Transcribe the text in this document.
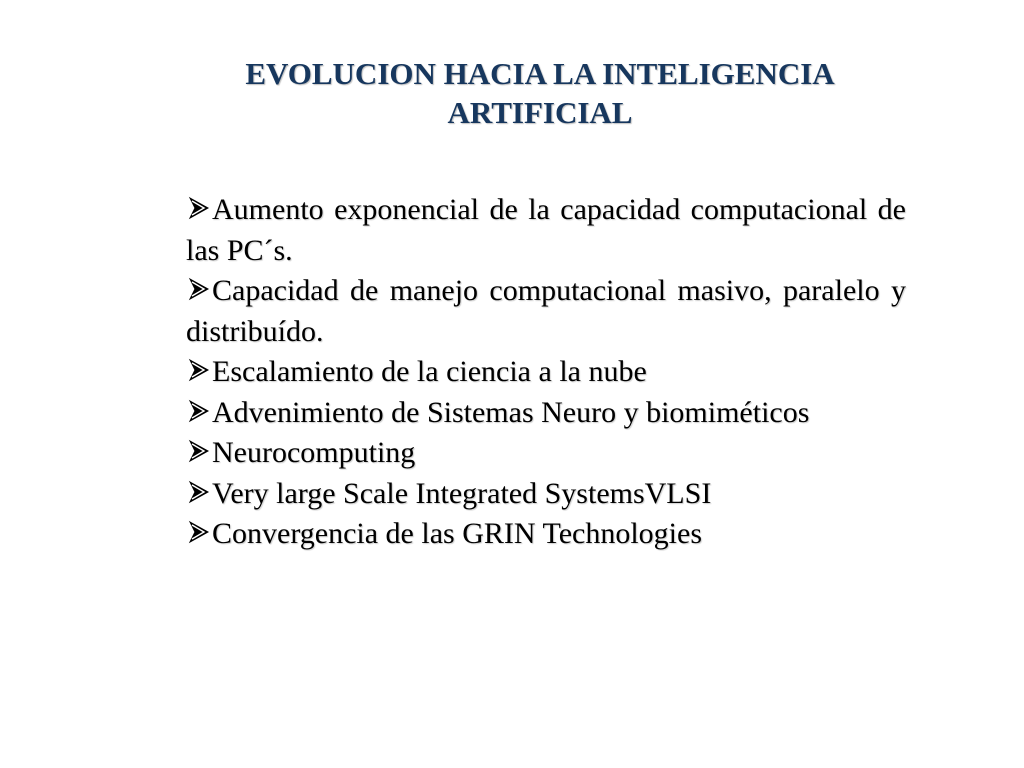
EVOLUCION HACIA LA INTELIGENCIA
ARTIFICIAL

Aumento exponencial de la capacidad computacional de las PC´s.

Capacidad de manejo computacional masivo, paralelo y distribuído.

Escalamiento de la ciencia a la nube

Advenimiento de Sistemas Neuro y biomiméticos

Neurocomputing

Very large Scale Integrated SystemsVLSI

Convergencia de las GRIN Technologies
